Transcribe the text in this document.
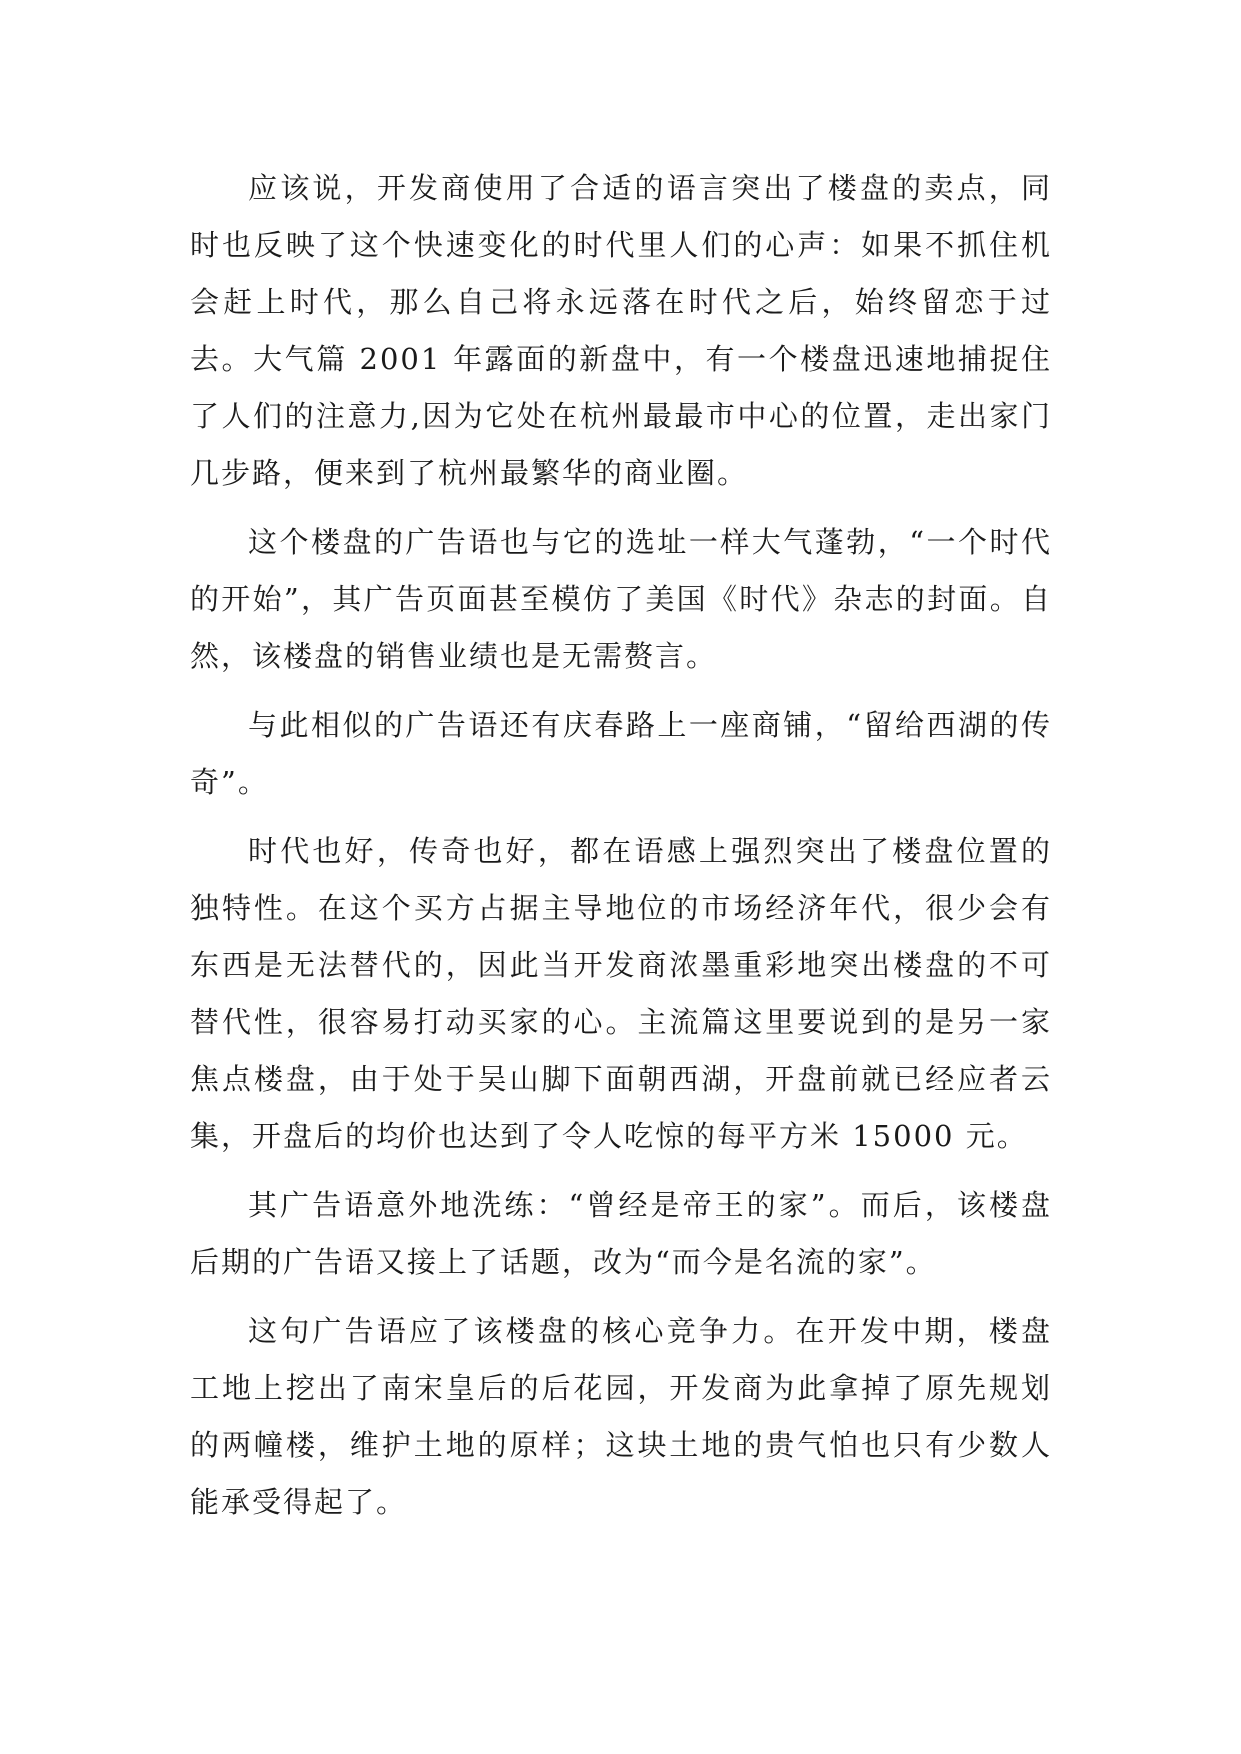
应该说，开发商使用了合适的语言突出了楼盘的卖点，同时也反映了这个快速变化的时代里人们的心声：如果不抓住机会赶上时代，那么自己将永远落在时代之后，始终留恋于过去。大气篇 2001 年露面的新盘中，有一个楼盘迅速地捕捉住了人们的注意力,因为它处在杭州最最市中心的位置，走出家门几步路，便来到了杭州最繁华的商业圈。

这个楼盘的广告语也与它的选址一样大气蓬勃，“一个时代的开始”，其广告页面甚至模仿了美国《时代》杂志的封面。自然，该楼盘的销售业绩也是无需赘言。

与此相似的广告语还有庆春路上一座商铺，“留给西湖的传奇”。

时代也好，传奇也好，都在语感上强烈突出了楼盘位置的独特性。在这个买方占据主导地位的市场经济年代，很少会有东西是无法替代的，因此当开发商浓墨重彩地突出楼盘的不可替代性，很容易打动买家的心。主流篇这里要说到的是另一家焦点楼盘，由于处于吴山脚下面朝西湖，开盘前就已经应者云集，开盘后的均价也达到了令人吃惊的每平方米 15000 元。

其广告语意外地洗练：“曾经是帝王的家”。而后，该楼盘后期的广告语又接上了话题，改为“而今是名流的家”。

这句广告语应了该楼盘的核心竞争力。在开发中期，楼盘工地上挖出了南宋皇后的后花园，开发商为此拿掉了原先规划的两幢楼，维护土地的原样；这块土地的贵气怕也只有少数人能承受得起了。
